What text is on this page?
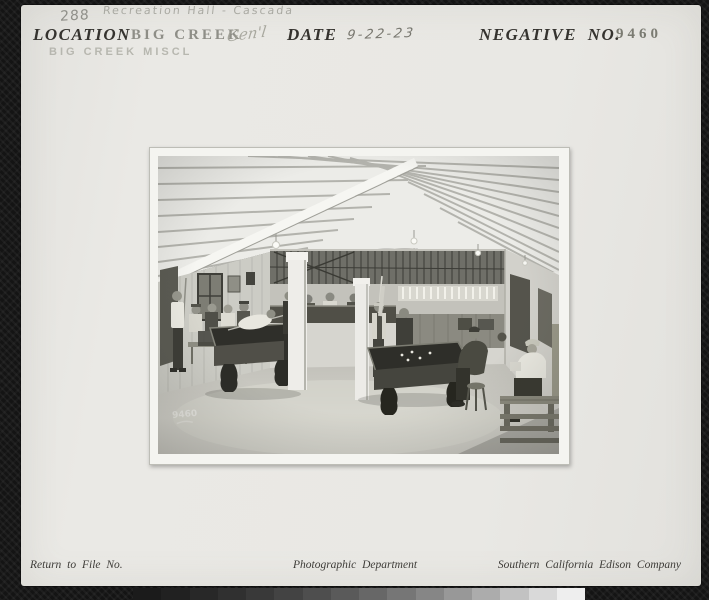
288 Recreation Hall - Cascada
LOCATION BIG CREEK
Gen'l DATE 9-22-23	NEGATIVE NO.
9460
BIG CREEK MISCL
Return to File No.	Photographic Department	Southern California Edison Company
